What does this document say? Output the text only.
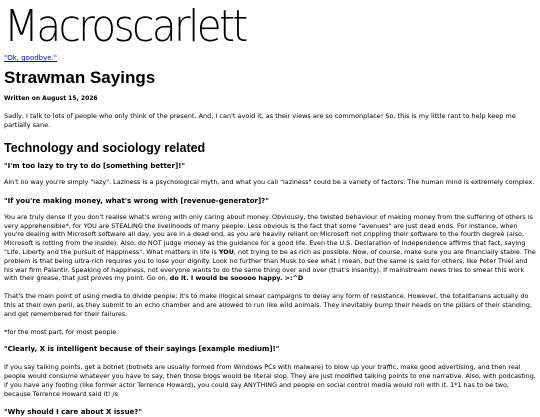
Macroscarlett
"Ok, goodbye."
Strawman Sayings
Written on August 15, 2026
Sadly, I talk to lots of people who only think of the present. And, I can't avoid it, as their views are so commonplace! So, this is my little rant to help keep me partially sane.
Technology and sociology related
"I'm too lazy to try to do [something better]!"

Ain't no way you're simply "lazy". Laziness is a psychological myth, and what you call "laziness" could be a variety of factors. The human mind is extremely complex.

"If you're making money, what's wrong with [revenue-generator]?"

You are truly dense if you don't realise what's wrong with only caring about money. Obviously, the twisted behaviour of making money from the suffering of others is very apprehensible*, for YOU are STEALING the livelihoods of many people. Less obvious is the fact that some "avenues" are just dead ends. For instance, when you're dealing with Microsoft software all day, you are in a dead end, as you are heavily reliant on Microsoft not crippling their software to the fourth degree (also, Microsoft is rotting from the inside). Also, do NOT judge money as the guidance for a good life. Even the U.S. Declaration of Independence affirms that fact, saying "Life, Liberty and the pursuit of Happiness". What matters in life is YOU, not trying to be as rich as possible. Now, of course, make sure you are financially stable. The problem is that being ultra-rich requires you to lose your dignity. Look no further than Musk to see what I mean, but the same is said for others, like Peter Thiel and his war firm Palantir. Speaking of happiness, not everyone wants to do the same thing over and over (that's insanity). If mainstream news tries to smear this work with their grease, that just proves my point. Go on, do it. I would be sooooo happy. >:^D

That's the main point of using media to divide people; it's to make illogical smear campaigns to delay any form of resistance. However, the totalitarians actually do this at their own peril, as they submit to an echo chamber and are allowed to run like wild animals. They inevitably bump their heads on the pillars of their standing, and get remembered for their failures.

*for the most part, for most people

"Clearly, X is intelligent because of their sayings [example medium]!"

If you say talking points, get a botnet (botnets are usually formed from Windows PCs with malware) to blow up your traffic, make good advertising, and then real people would consume whatever you have to say, then those blogs would be literal slop. They are just modified talking points to one narrative. Also, with podcasting, if you have any footing (like former actor Terrence Howard), you could say ANYTHING and people on social control media would roll with it. 1*1 has to be two, because Terrence Howard said it! /s

"Why should I care about X issue?"
